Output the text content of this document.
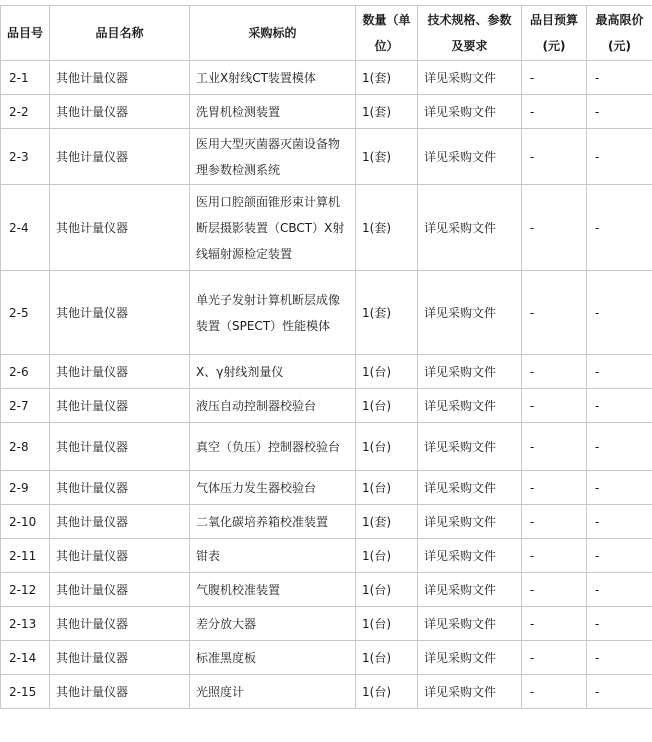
品目号	品目名称	采购标的	数量（单位）	技术规格、参数及要求	品目预算(元)	最高限价(元)
2-1	其他计量仪器	工业X射线CT装置模体	1(套)	详见采购文件	-	-
2-2	其他计量仪器	洗胃机检测装置	1(套)	详见采购文件	-	-
2-3	其他计量仪器	医用大型灭菌器灭菌设备物理参数检测系统	1(套)	详见采购文件	-	-
2-4	其他计量仪器	医用口腔颌面锥形束计算机断层摄影装置（CBCT）X射线辐射源检定装置	1(套)	详见采购文件	-	-
2-5	其他计量仪器	单光子发射计算机断层成像装置（SPECT）性能模体	1(套)	详见采购文件	-	-
2-6	其他计量仪器	X、γ射线剂量仪	1(台)	详见采购文件	-	-
2-7	其他计量仪器	液压自动控制器校验台	1(台)	详见采购文件	-	-
2-8	其他计量仪器	真空（负压）控制器校验台	1(台)	详见采购文件	-	-
2-9	其他计量仪器	气体压力发生器校验台	1(台)	详见采购文件	-	-
2-10	其他计量仪器	二氧化碳培养箱校准装置	1(套)	详见采购文件	-	-
2-11	其他计量仪器	钳表	1(台)	详见采购文件	-	-
2-12	其他计量仪器	气腹机校准装置	1(台)	详见采购文件	-	-
2-13	其他计量仪器	差分放大器	1(台)	详见采购文件	-	-
2-14	其他计量仪器	标准黑度板	1(台)	详见采购文件	-	-
2-15	其他计量仪器	光照度计	1(台)	详见采购文件	-	-
